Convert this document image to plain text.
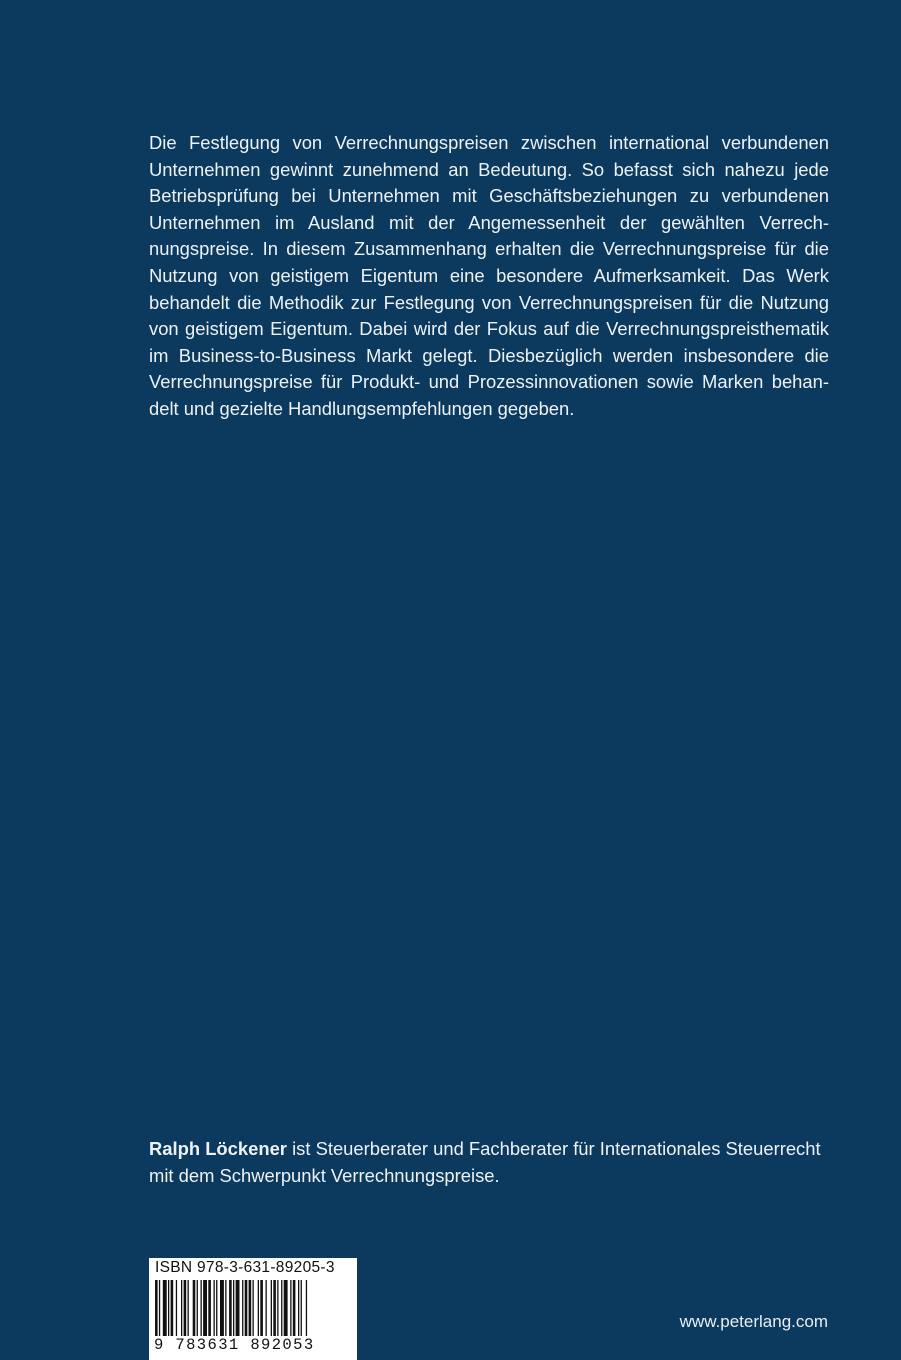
Die Festlegung von Verrechnungspreisen zwischen international verbundenen
Unternehmen gewinnt zunehmend an Bedeutung. So befasst sich nahezu jede
Betriebsprüfung bei Unternehmen mit Geschäftsbeziehungen zu verbundenen
Unternehmen im Ausland mit der Angemessenheit der gewählten Verrech-
nungspreise. In diesem Zusammenhang erhalten die Verrechnungspreise für die
Nutzung von geistigem Eigentum eine besondere Aufmerksamkeit. Das Werk
behandelt die Methodik zur Festlegung von Verrechnungspreisen für die Nutzung
von geistigem Eigentum. Dabei wird der Fokus auf die Verrechnungspreisthematik
im Business-to-Business Markt gelegt. Diesbezüglich werden insbesondere die
Verrechnungspreise für Produkt- und Prozessinnovationen sowie Marken behan-
delt und gezielte Handlungsempfehlungen gegeben.
Ralph Löckener ist Steuerberater und Fachberater für Internationales Steuerrecht
mit dem Schwerpunkt Verrechnungspreise.
ISBN 978-3-631-89205-3
9 783631 892053
www.peterlang.com
